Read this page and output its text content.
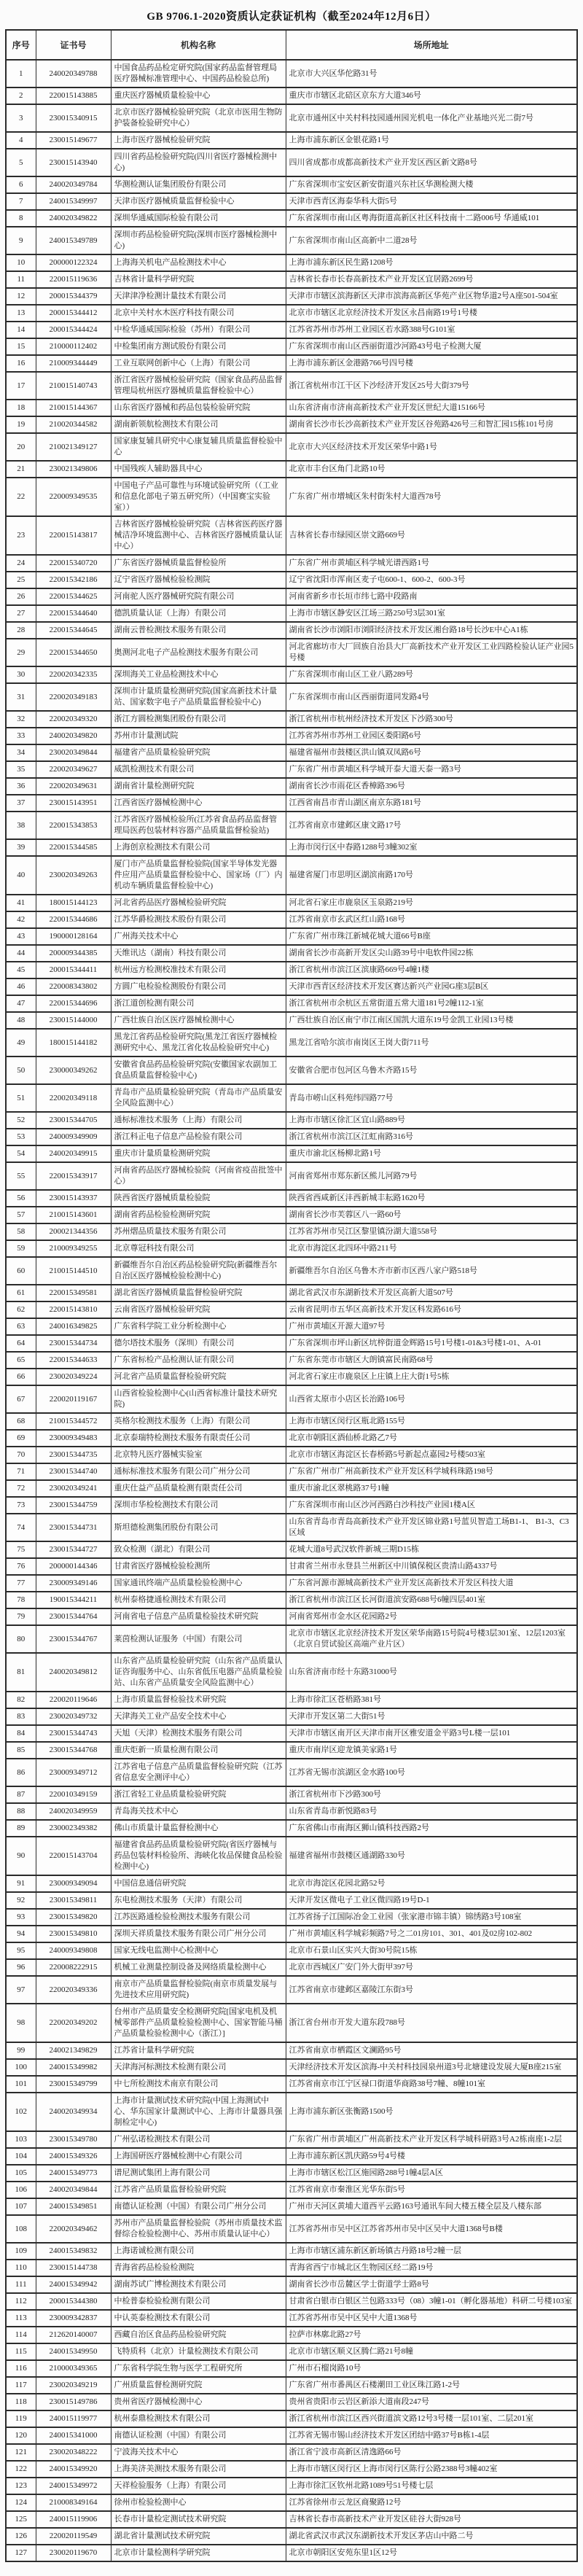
GB 9706.1-2020资质认定获证机构（截至2024年12月6日）
序号	证书号	机构名称	场所地址
1	240020349788	中国食品药品检定研究院(国家药品监督管理局医疗器械标准管理中心、中国药品检验总所)	北京市大兴区华佗路31号
2	220015143885	重庆医疗器械质量检验中心	重庆市市辖区北碚区京东方大道346号
3	230015340915	北京市医疗器械检验研究院（北京市医用生物防护装备检验研究中心）	北京市通州区中关村科技园通州园光机电一体化产业基地兴光二街7号
4	230015149677	上海市医疗器械检验研究院	上海市浦东新区金银花路1号
5	230015143940	四川省药品检验研究院(四川省医疗器械检测中心)	四川省成都市成都高新技术产业开发区西区新文路8号
6	240020349784	华测检测认证集团股份有限公司	广东省深圳市宝安区新安街道兴东社区华测检测大楼
7	240015349997	天津市医疗器械质量监督检验中心	天津市西青区海泰华科大街5号
8	240020349822	深圳华通威国际检验有限公司	广东省深圳市南山区粤海街道高新区社区科技南十二路006号 华通威101
9	240015349789	深圳市药品检验研究院(深圳市医疗器械检测中心)	广东省深圳市南山区高新中二道28号
10	200000122324	上海海关机电产品检测技术中心	上海市浦东新区民生路1208号
11	220015119636	吉林省计量科学研究院	吉林省长春市长春高新技术产业开发区宜居路2699号
12	200015344379	天津津净检测计量技术有限公司	天津市市辖区滨海新区天津市滨海高新区华苑产业区物华道2号A座501-504室
13	200015344412	北京中关村水木医疗科技有限公司	北京市市辖区北京经济技术开发区永昌南路19号1号楼
14	200015344424	中检华通威国际检验（苏州）有限公司	江苏省苏州市苏州工业园区若水路388号G101室
15	210000112402	中检集团南方测试股份有限公司	广东省深圳市南山区西丽街道沙河路43号电子检测大厦
16	210009344449	工业互联网创新中心（上海）有限公司	上海市浦东新区金港路766号四号楼
17	210015140743	浙江省医疗器械检验研究院（国家食品药品监督管理局杭州医疗器械质量监督检验中心）	浙江省杭州市江干区下沙经济开发区25号大街379号
18	210015144367	山东省医疗器械和药品包装检验研究院	山东省济南市济南高新技术产业开发区世纪大道15166号
19	210020344582	湖南新领航检测技术有限公司	湖南省长沙市长沙高新技术产业开发区谷苑路426号三和智汇园15栋101号房
20	210021349127	国家康复辅具研究中心康复辅具质量监督检验中心	北京市大兴区经济技术开发区荣华中路1号
21	230021349806	中国残疾人辅助器具中心	北京市丰台区角门北路10号
22	220009349535	中国电子产品可靠性与环境试验研究所（（工业和信息化部电子第五研究所）（中国赛宝实验室））	广东省广州市增城区朱村街朱村大道西78号
23	220015143817	吉林省医疗器械检验研究院（吉林省医药医疗器械洁净环境监测中心、吉林省医疗器械质量认证中心）	吉林省长春市绿园区崇文路669号
24	220015340720	广东省医疗器械质量监督检验所	广东省广州市黄埔区科学城光谱西路1号
25	220015342186	辽宁省医疗器械检验检测院	辽宁省沈阳市浑南区麦子屯600-1、600-2、600-3号
26	220015344625	河南驼人医疗器械研究院有限公司	河南省新乡市长垣市纬七路中段路南
27	220015344640	德凯质量认证（上海）有限公司	上海市市辖区静安区江场三路250号3层301室
28	220015344645	湖南云普检测技术服务有限公司	湖南省长沙市浏阳市浏阳经济技术开发区湘台路18号长沙E中心A1栋
29	220015344650	奥测河北电子产品检测技术服务有限公司	河北省廊坊市大厂回族自治县大厂高新技术产业开发区工业四路检验认证产业园5号楼
30	220020342335	深圳海关工业品检测技术中心	广东省深圳市南山区工业八路289号
31	220020349183	深圳市计量质量检测研究院(国家高新技术计量站、国家数字电子产品质量监督检验中心)	广东省深圳市南山区西丽街道同发路4号
32	220020349320	浙江方圆检测集团股份有限公司	浙江省杭州市杭州经济技术开发区下沙路300号
33	240020349820	苏州市计量测试院	江苏省苏州市苏州工业园区娄阳路6号
34	230020349844	福建省产品质量检验研究院	福建省福州市鼓楼区洪山镇双凤路6号
35	220020349627	威凯检测技术有限公司	广东省广州市黄埔区科学城开泰大道天泰一路3号
36	220020349631	湖南省计量检测研究院	湖南省长沙市雨花区香樟路396号
37	230015143951	江西省医疗器械检测中心	江西省南昌市青山湖区南京东路181号
38	220015343853	江苏省医疗器械检验所(江苏省食品药品监督管理局医药包装材料容器产品质量监督检验站)	江苏省南京市建邺区康文路17号
39	220015344585	上海创京检测技术有限公司	上海市闵行区中春路1288号3幢302室
40	230020349263	厦门市产品质量监督检验院(国家半导体发光器件应用产品质量监督检验中心、国家场（厂）内机动车辆质量监督检验中心)	福建省厦门市思明区湖滨南路170号
41	180015144123	河北省药品医疗器械检验研究院	河北省石家庄市鹿泉区玉泉路219号
42	220015344686	江苏华爵检测技术股份有限公司	江苏省南京市玄武区红山路168号
43	190000128164	广州海关技术中心	广东省广州市珠江新城花城大道66号B座
44	200009344385	天维讯达（湖南）科技有限公司	湖南省长沙市高新开发区尖山路39号中电软件园22栋
45	200015344411	杭州远方检测校准技术有限公司	浙江省杭州市滨江区滨康路669号4幢1楼
46	220008343802	方圆广电检验检测股份有限公司	天津市西青区经济技术开发区赛达新兴产业园G座3层B区
47	220015344696	浙江道创检测有限公司	浙江省杭州市余杭区五常街道五常大道181号2幢112-1室
48	230015144000	广西壮族自治区医疗器械检测中心	广西壮族自治区南宁市江南区国凯大道东19号金凯工业园13号楼
49	180015144182	黑龙江省药品检验研究院(黑龙江省医疗器械检测研究中心、黑龙江省化妆品检验研究中心)	黑龙江省哈尔滨市南岗区王岗大街711号
50	230000349262	安徽省食品药品检验研究院(安徽国家农副加工食品质量监督检验中心)	安徽省合肥市包河区乌鲁木齐路15号
51	220020349118	青岛市产品质量检验研究院（青岛市产品质量安全风险监测中心）	青岛市崂山区科苑纬四路77号
52	230015344705	通标标准技术服务（上海）有限公司	上海市市辖区徐汇区宜山路889号
53	240009349909	浙江科正电子信息产品检验有限公司	浙江省杭州市滨江区江虹南路316号
54	240020349915	重庆市计量质量检测研究院	重庆市渝北区杨柳北路1号
55	220015343917	河南省药品医疗器械检验院（河南省疫苗批签中心）	河南省郑州市郑东新区熊儿河路79号
56	230015143937	陕西省医疗器械质量检验院	陕西省西咸新区沣西新城丰耘路1620号
57	210015143601	湖南省药品检验检测研究院	湖南省长沙市芙蓉区八一路60号
58	200021344356	苏州熠品质量技术服务有限公司	江苏省苏州市吴江区黎里镇汾湖大道558号
59	210009349255	北京尊冠科技有限公司	北京市海淀区北四环中路211号
60	210015144510	新疆维吾尔自治区药品检验研究院(新疆维吾尔自治区医疗器械检验检测中心)	新疆维吾尔自治区乌鲁木齐市新市区西八家户路518号
61	220015349581	湖北省医疗器械质量监督检验研究院	湖北省武汉市东湖新技术开发区高新大道507号
62	220015143810	云南省医疗器械检验研究院	云南省昆明市五华区高新技术开发区科发路616号
63	240016349825	广东省科学院工业分析检测中心	广州市黄埔区开源大道97号
64	230015344734	德尔塔技术服务（深圳）有限公司	广东省深圳市坪山新区坑梓街道金辉路15号1号楼1-01&3号楼1-01、A-01
65	220015344633	广东省标检产品检测认证有限公司	广东省东莞市市辖区大朗镇富民南路68号
66	230020349224	河北省产品质量监督检验研究院	河北省石家庄市鹿泉区上庄镇上庄大街1号5栋
67	220020119167	山西省检验检测中心(山西省标准计量技术研究院)	山西省太原市小店区长治路106号
68	210015344572	英格尔检测技术服务（上海）有限公司	上海市市辖区闵行区瓶北路155号
69	230009349483	北京泰瑞特检测技术服务有限责任公司	北京市朝阳区酒仙桥北路乙7号
70	230015344735	北京特凡医疗器械实验室	北京市市辖区海淀区长春桥路5号新起点嘉园2号楼503室
71	230015344740	通标标准技术服务有限公司广州分公司	广东省广州市广州高新技术产业开发区科学城科珠路198号
72	230020349241	重庆仕益产品质量检测有限责任公司	重庆市渝北区翠桃路37号1幢
73	230015344759	深圳市华检检测技术有限公司	广东省深圳市南山区沙河西路白沙科技产业园1楼A区
74	230015344731	斯坦德检测集团股份有限公司	山东省青岛市青岛高新技术产业开发区锦业路1号蓝贝智造工场B1-1、 B1-3、C3 区域
75	230015344727	致众检测（湖北）有限公司	花城大道8号武汉软件新城三期D15栋
76	200000144346	甘肃省医疗器械检验检测所	甘肃省兰州市永登县兰州新区中川镇保税区贵清山路4337号
77	230009349146	国家通讯终端产品质量检验检测中心	广东省河源市源城高新技术产业开发区高新技术开发区科技大道
78	190015344211	杭州泰格捷通检测技术有限公司	浙江省杭州市滨江区长河街道滨安路688号6幢四层401室
79	230015344764	河南省电子信息产品质量检验技术研究院	河南省郑州市金水区花园路2号
80	230015344767	莱茵检测认证服务（中国）有限公司	北京市市辖区北京经济技术开发区荣华南路15号院4号楼3层301室、12层1203室（北京自贸试验区高端产业片区）
81	240020349812	山东省产品质量检验研究院（山东省产品质量认证咨询服务中心、山东省低压电器产品质量检验站、山东省产品质量安全风险监测中心）	山东省济南市经十东路31000号
82	220020119646	上海市质量监督检验技术研究院	上海市徐汇区苍梧路381号
83	230020349732	天津海关工业产品安全技术中心	天津市开发区第二大街51号
84	230015344743	天旭（天津）检测技术服务有限公司	天津市市辖区南开区天津市南开区雅安道金平路3号L楼一层101
85	230015344768	重庆炬新一质量检测有限公司	重庆市南岸区迎龙镇美家路1号
86	230009349712	江苏省电子信息产品质量监督检验研究院（江苏省信息安全测评中心）	江苏省无锡市滨湖区金水路100号
87	220010349159	浙江省轻工业品质量检验研究院	浙江省杭州市下沙路300号
88	240020349959	青岛海关技术中心	山东省青岛市新悦路83号
89	230002349382	佛山市质量计量监督检测中心	广东省佛山市南海区狮山镇科技西路2号
90	220015143704	福建省食品药品质量检验研究院(省医疗器械与药品包装材料检验所、海峡化妆品保健食品检验检测中心)	福建省福州市鼓楼区通湖路330号
91	230009349094	中国信息通信研究院	北京市海淀区花园北路52号
92	230015349811	东电检测技术服务（天津）有限公司	天津开发区微电子工业区微四路19号D-1
93	230015349820	江苏医路通检验检测技术服务有限公司	江苏省扬子江国际冶金工业园（张家港市锦丰镇）锦绣路3号108室
94	230015349810	深圳天祥质量技术服务有限公司广州分公司	广州市黄埔区科学城彩频路7号之二01房101、301、401及02房102-802
95	240009349808	国家无线电监测中心检测中心	北京市石景山区实兴大街30号院15栋
96	220008222915	机械工业测量控制设备及网络质量检测中心	北京市西城区广安门外大街甲397号
97	220020349336	南京市产品质量监督检验院(南京市质量发展与先进技术应用研究院)	江苏省南京市建邺区嘉陵江东街3号
98	220020349202	台州市产品质量安全检测研究院[国家电机及机械零部件产品质量检验检测中心、国家智能马桶产品质量检验检测中心（浙江）]	浙江省台州市开发大道东段788号
99	240021349829	江苏省计量科学研究院	江苏省南京市栖霞区文澜路95号
100	240015349982	天津海河标测技术检测有限公司	天津经济技术开发区滨海-中关村科技园泉州道3号北塘建设发展大厦B座215室
101	230015349799	中七所检测技术南京有限公司	江苏省南京市江宁区禄口街道华商路38号7幢、8幢101室
102	240020349934	上海市计量测试技术研究院(中国上海测试中心、华东国家计量测试中心、上海市计量器具强制检定中心)	上海市浦东新区张衡路1500号
103	230015349780	广州弘诺检测技术有限公司	广东省广州市黄埔区广州高新技术产业开发区科学城科研路3号A2栋南座1-2层
104	240015349326	上海国研医疗器械检测中心有限公司	上海市浦东新区凯庆路59号4号楼
105	240015349773	谱尼测试集团上海有限公司	上海市市辖区松江区施园路288号1幢4层A区
106	240020349844	江苏省产品质量监督检验研究院	江苏省南京市秦淮区光华东街5号
107	240015349851	南德认证检测（中国）有限公司广州分公司	广州市天河区黄埔大道西平云路163号通讯车间大楼五楼全层及八楼东部
108	220020349462	苏州市产品质量监督检验院（苏州市质量技术监督综合检验检测中心、苏州市质量认证中心）	江苏省苏州市吴中区江苏省苏州市吴中区吴中大道1368号B楼
109	240015349832	上海诺诚检测有限公司	上海市市辖区浦东新区新场镇古丹路18号2幢一层
110	230015144738	青海省药品检验检测院	青海省西宁市城北区生物园区经二路19号
111	240015349942	湖南苏试广博检测技术有限公司	湖南省长沙市岳麓区学士街道学士路8号
112	200015344380	中检普泰检验检测有限公司	甘肃省白银市白银区兰包路333号（08）3幢1-01（孵化器基地）科研二号楼103室
113	230009342837	中认英泰检测技术有限公司	江苏省苏州市吴中区吴中大道1368号
114	212620140007	西藏自治区食品药品检验研究院	拉萨市林廓北路27号
115	240015349950	飞特质科（北京）计量检测技术有限公司	北京市市辖区顺义区腾仁路21号8幢
116	210000349365	广东省科学院生物与医学工程研究所	广州市石榴岗路10号
117	230020349219	广州质量监督检测研究院	广东省广州市番禺区石楼潮田工业区珠江路1-2号
118	230015149786	贵州省医疗器械检测中心	贵州省贵阳市云岩区新添大道南段247号
119	240015119977	杭州泰鼎检测技术有限公司	浙江省杭州市滨江区西兴街道滨文路12号3号楼一层101室、二层201室
120	240015341000	南德认证检测（中国）有限公司	江苏省无锡市锡山经济技术开发区团结中路37号B栋1-4层
121	230020348222	宁波海关技术中心	浙江省宁波市高新区清逸路66号
122	240015349920	上海美济美测技术服务有限公司	上海市市辖区闵行区上海市闵行区陈行公路2388号3幢402室
123	240015349972	天祥检验服务（上海）有限公司	上海市徐汇区钦州北路1089号51号楼七层
124	210008349164	徐州市检验检测中心	江苏省徐州市云龙区商聚路12号
125	240015119906	长春市计量检定测试技术研究院	吉林省长春市高新技术产业开发区硅谷大街928号
126	220020119549	湖北省计量测试技术研究院	湖北省武汉市武汉东湖新技术开发区茅店山中路二号
127	230020119670	北京市计量检测科学研究院	北京市朝阳区安苑东里1区12号
